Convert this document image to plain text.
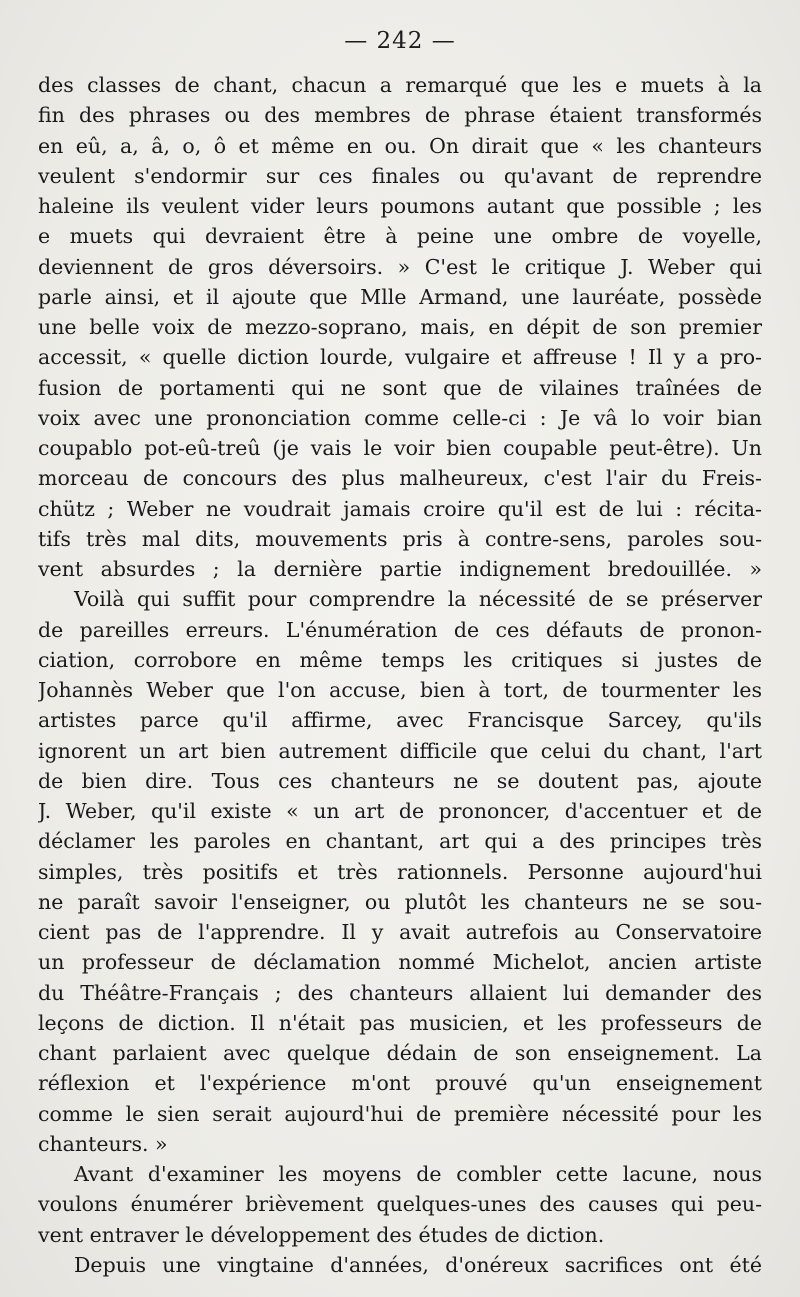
— 242 —
des classes de chant, chacun a remarqué que les e muets à la
fin des phrases ou des membres de phrase étaient transformés
en eû, a, â, o, ô et même en ou. On dirait que « les chanteurs
veulent s'endormir sur ces finales ou qu'avant de reprendre
haleine ils veulent vider leurs poumons autant que possible ; les
e muets qui devraient être à peine une ombre de voyelle,
deviennent de gros déversoirs. » C'est le critique J. Weber qui
parle ainsi, et il ajoute que Mlle Armand, une lauréate, possède
une belle voix de mezzo-soprano, mais, en dépit de son premier
accessit, « quelle diction lourde, vulgaire et affreuse ! Il y a pro-
fusion de portamenti qui ne sont que de vilaines traînées de
voix avec une prononciation comme celle-ci : Je vâ lo voir bian
coupablo pot-eû-treû (je vais le voir bien coupable peut-être). Un
morceau de concours des plus malheureux, c'est l'air du Freis-
chütz ; Weber ne voudrait jamais croire qu'il est de lui : récita-
tifs très mal dits, mouvements pris à contre-sens, paroles sou-
vent absurdes ; la dernière partie indignement bredouillée. »
Voilà qui suffit pour comprendre la nécessité de se préserver
de pareilles erreurs. L'énumération de ces défauts de pronon-
ciation, corrobore en même temps les critiques si justes de
Johannès Weber que l'on accuse, bien à tort, de tourmenter les
artistes parce qu'il affirme, avec Francisque Sarcey, qu'ils
ignorent un art bien autrement difficile que celui du chant, l'art
de bien dire. Tous ces chanteurs ne se doutent pas, ajoute
J. Weber, qu'il existe « un art de prononcer, d'accentuer et de
déclamer les paroles en chantant, art qui a des principes très
simples, très positifs et très rationnels. Personne aujourd'hui
ne paraît savoir l'enseigner, ou plutôt les chanteurs ne se sou-
cient pas de l'apprendre. Il y avait autrefois au Conservatoire
un professeur de déclamation nommé Michelot, ancien artiste
du Théâtre-Français ; des chanteurs allaient lui demander des
leçons de diction. Il n'était pas musicien, et les professeurs de
chant parlaient avec quelque dédain de son enseignement. La
réflexion et l'expérience m'ont prouvé qu'un enseignement
comme le sien serait aujourd'hui de première nécessité pour les
chanteurs. »
Avant d'examiner les moyens de combler cette lacune, nous
voulons énumérer brièvement quelques-unes des causes qui peu-
vent entraver le développement des études de diction.
Depuis une vingtaine d'années, d'onéreux sacrifices ont été
